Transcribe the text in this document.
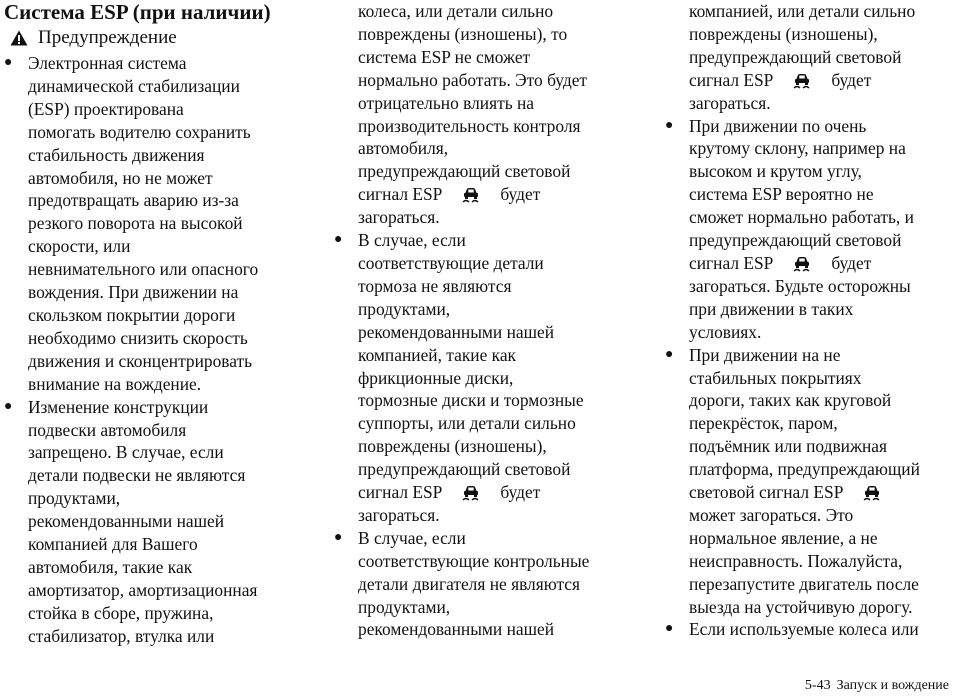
Система ESP (при наличии)
Предупреждение
● Электронная система
динамической стабилизации
(ESP) проектирована
помогать водителю сохранить
стабильность движения
автомобиля, но не может
предотвращать аварию из-за
резкого поворота на высокой
скорости, или
невнимательного или опасного
вождения. При движении на
скользком покрытии дороги
необходимо снизить скорость
движения и сконцентрировать
внимание на вождение.
● Изменение конструкции
подвески автомобиля
запрещено. В случае, если
детали подвески не являются
продуктами,
рекомендованными нашей
компанией для Вашего
автомобиля, такие как
амортизатор, амортизационная
стойка в сборе, пружина,
стабилизатор, втулка или
колеса, или детали сильно
повреждены (изношены), то
система ESP не сможет
нормально работать. Это будет
отрицательно влиять на
производительность контроля
автомобиля,
предупреждающий световой
сигнал ESP	будет
загораться.
● В случае, если
соответствующие детали
тормоза не являются
продуктами,
рекомендованными нашей
компанией, такие как
фрикционные диски,
тормозные диски и тормозные
суппорты, или детали сильно
повреждены (изношены),
предупреждающий световой
сигнал ESP	будет
загораться.
● В случае, если
соответствующие контрольные
детали двигателя не являются
продуктами,
рекомендованными нашей
компанией, или детали сильно
повреждены (изношены),
предупреждающий световой
сигнал ESP	будет
загораться.
● При движении по очень
крутому склону, например на
высоком и крутом углу,
система ESP вероятно не
сможет нормально работать, и
предупреждающий световой
сигнал ESP	будет
загораться. Будьте осторожны
при движении в таких
условиях.
● При движении на не
стабильных покрытиях
дороги, таких как круговой
перекрёсток, паром,
подъёмник или подвижная
платформа, предупреждающий
световой сигнал ESP
может загораться. Это
нормальное явление, а не
неисправность. Пожалуйста,
перезапустите двигатель после
выезда на устойчивую дорогу.
● Если используемые колеса или
5-43 Запуск и вождение
